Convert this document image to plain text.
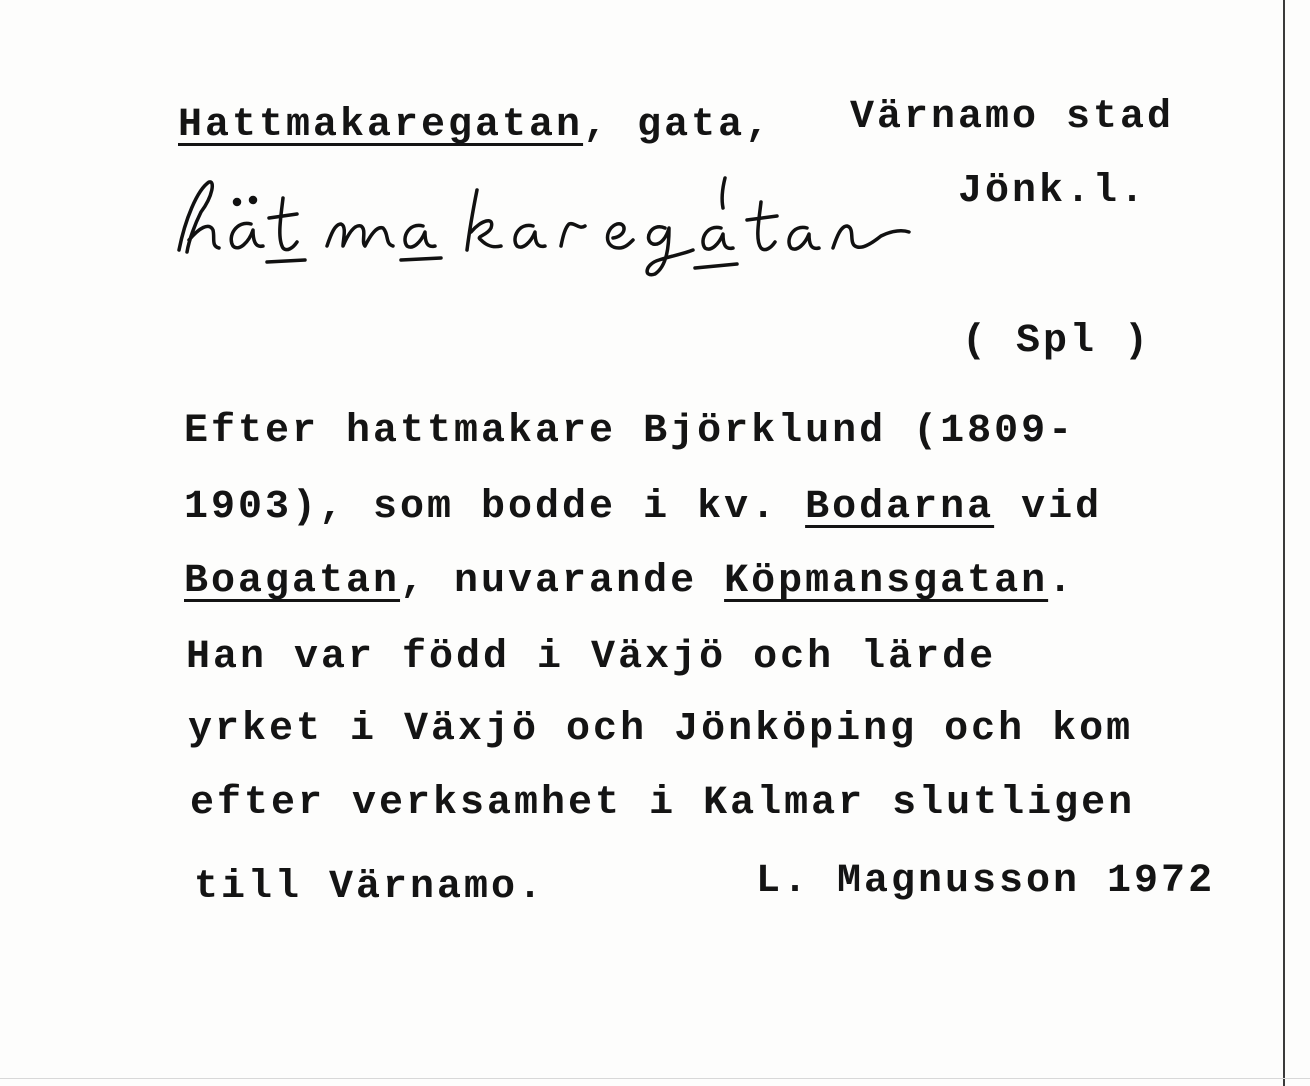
Hattmakaregatan, gata, Värnamo stad
Jönk.l.
( Spl )
Efter hattmakare Björklund (1809-
1903), som bodde i kv. Bodarna vid
Boagatan, nuvarande Köpmansgatan.
Han var född i Växjö och lärde
yrket i Växjö och Jönköping och kom
efter verksamhet i Kalmar slutligen
till Värnamo.	L. Magnusson 1972
